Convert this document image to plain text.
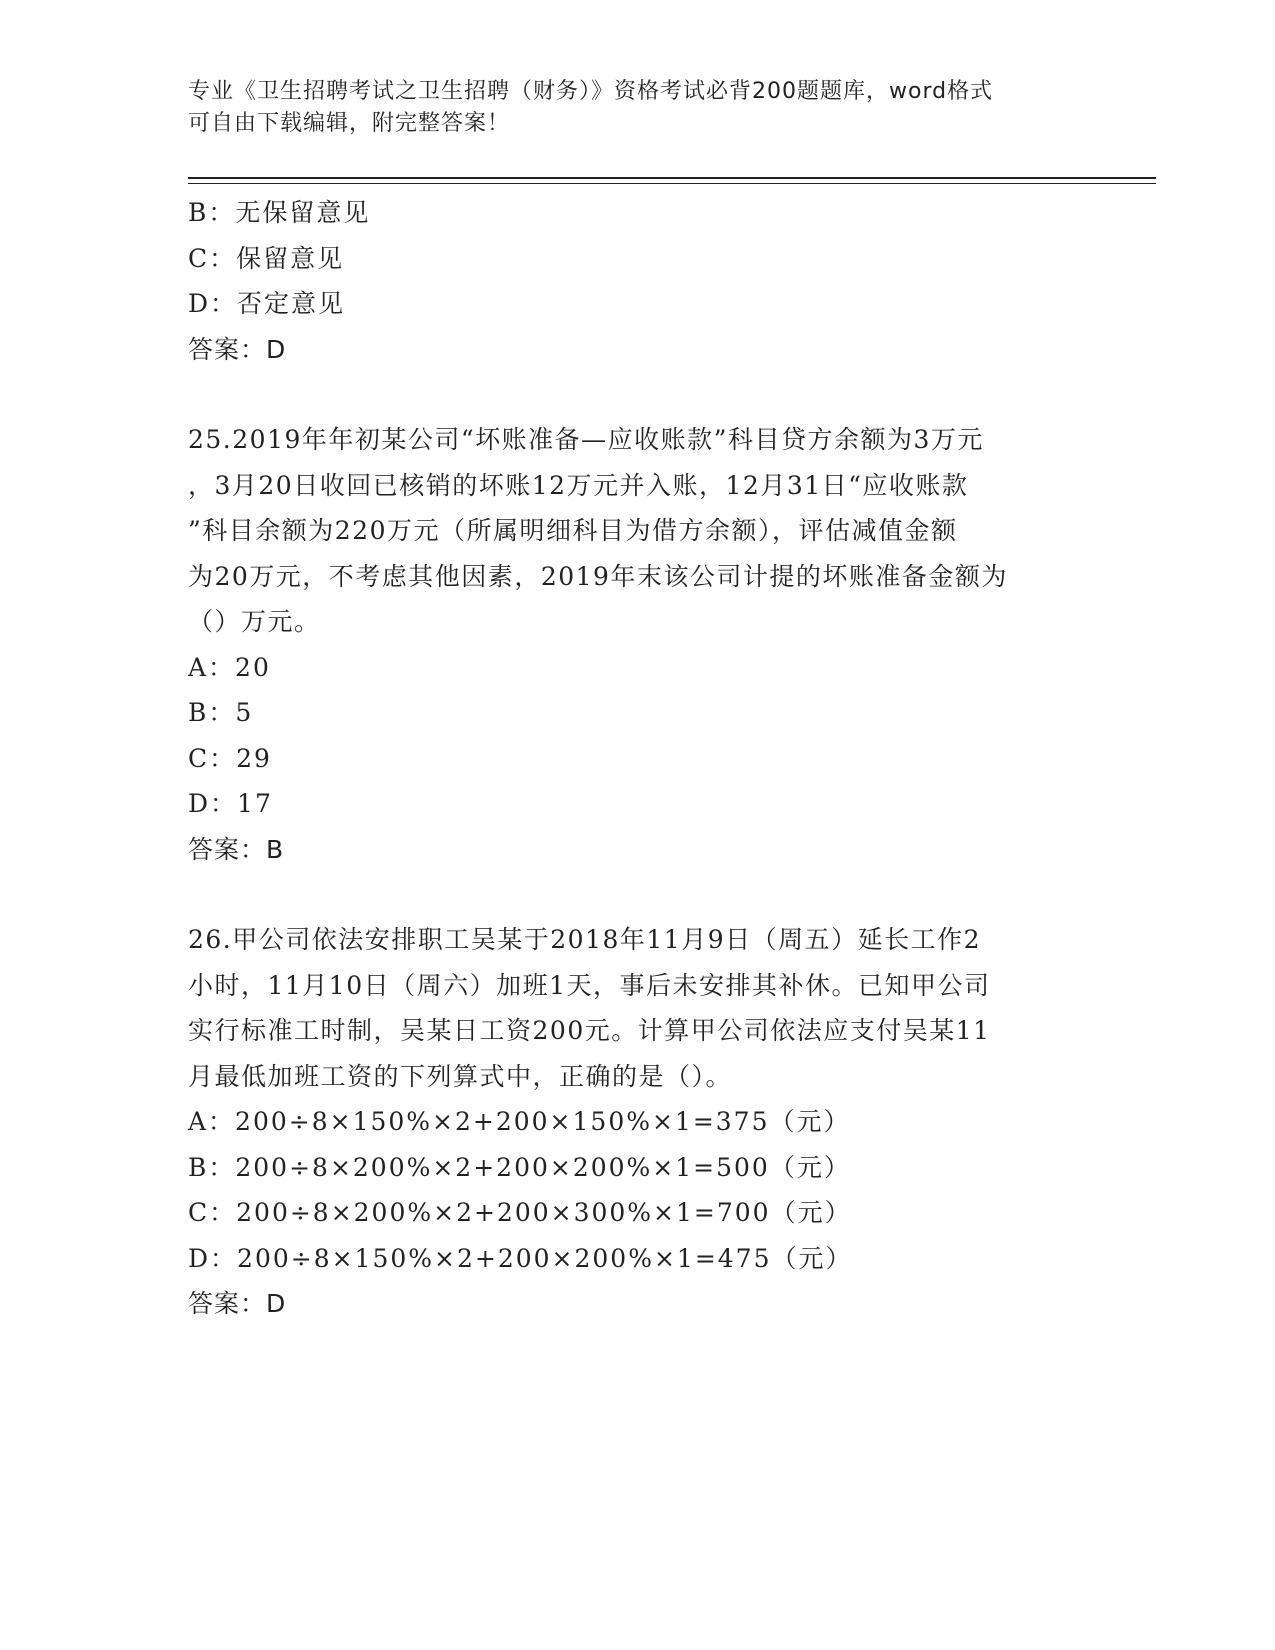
专业《卫生招聘考试之卫生招聘（财务）》资格考试必背200题题库，word格式
可自由下载编辑，附完整答案！
B：无保留意见
C：保留意见
D：否定意见
答案：D
25.2019年年初某公司“坏账准备—应收账款”科目贷方余额为3万元
，3月20日收回已核销的坏账12万元并入账，12月31日“应收账款
”科目余额为220万元（所属明细科目为借方余额），评估减值金额
为20万元，不考虑其他因素，2019年末该公司计提的坏账准备金额为
（）万元。
A：20
B：5
C：29
D：17
答案：B
26.甲公司依法安排职工吴某于2018年11月9日（周五）延长工作2
小时，11月10日（周六）加班1天，事后未安排其补休。已知甲公司
实行标准工时制，吴某日工资200元。计算甲公司依法应支付吴某11
月最低加班工资的下列算式中，正确的是（）。
A：200÷8×150%×2+200×150%×1=375（元）
B：200÷8×200%×2+200×200%×1=500（元）
C：200÷8×200%×2+200×300%×1=700（元）
D：200÷8×150%×2+200×200%×1=475（元）
答案：D
